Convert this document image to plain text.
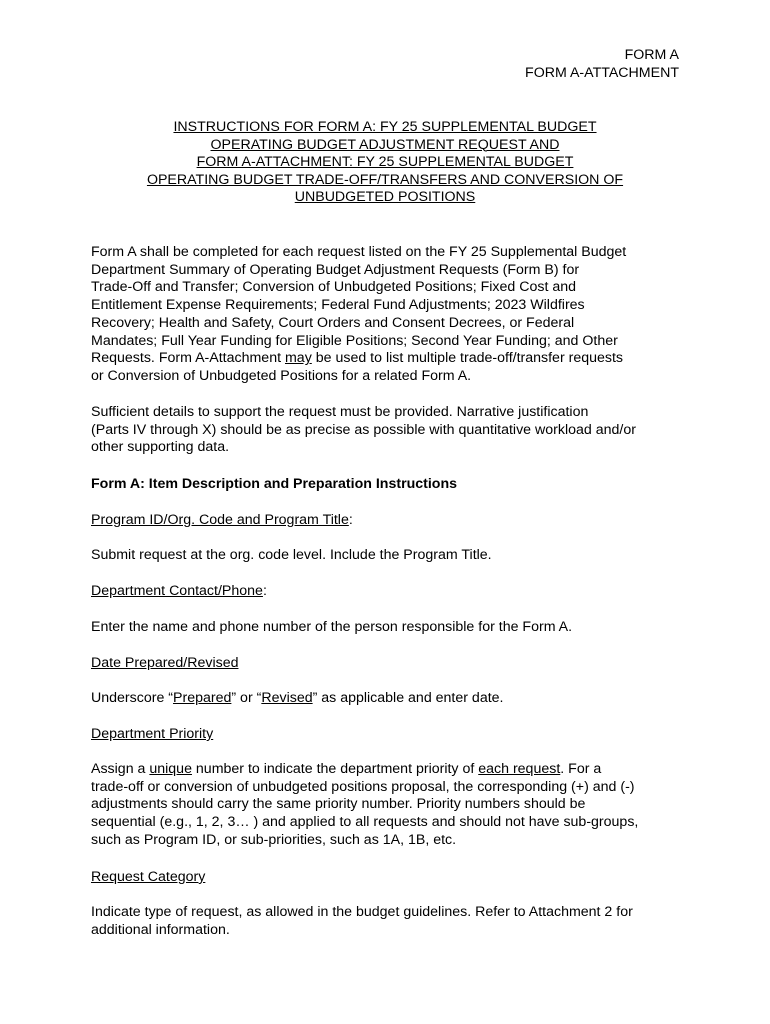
FORM A
FORM A-ATTACHMENT
INSTRUCTIONS FOR FORM A: FY 25 SUPPLEMENTAL BUDGET
OPERATING BUDGET ADJUSTMENT REQUEST AND
FORM A-ATTACHMENT: FY 25 SUPPLEMENTAL BUDGET
OPERATING BUDGET TRADE-OFF/TRANSFERS AND CONVERSION OF
UNBUDGETED POSITIONS
Form A shall be completed for each request listed on the FY 25 Supplemental Budget
Department Summary of Operating Budget Adjustment Requests (Form B) for
Trade-Off and Transfer; Conversion of Unbudgeted Positions; Fixed Cost and
Entitlement Expense Requirements; Federal Fund Adjustments; 2023 Wildfires
Recovery; Health and Safety, Court Orders and Consent Decrees, or Federal
Mandates; Full Year Funding for Eligible Positions; Second Year Funding; and Other
Requests. Form A-Attachment may be used to list multiple trade-off/transfer requests
or Conversion of Unbudgeted Positions for a related Form A.
Sufficient details to support the request must be provided. Narrative justification
(Parts IV through X) should be as precise as possible with quantitative workload and/or
other supporting data.
Form A: Item Description and Preparation Instructions
Program ID/Org. Code and Program Title:
Submit request at the org. code level. Include the Program Title.
Department Contact/Phone:
Enter the name and phone number of the person responsible for the Form A.
Date Prepared/Revised
Underscore “Prepared” or “Revised” as applicable and enter date.
Department Priority
Assign a unique number to indicate the department priority of each request. For a
trade-off or conversion of unbudgeted positions proposal, the corresponding (+) and (-)
adjustments should carry the same priority number. Priority numbers should be
sequential (e.g., 1, 2, 3… ) and applied to all requests and should not have sub-groups,
such as Program ID, or sub-priorities, such as 1A, 1B, etc.
Request Category
Indicate type of request, as allowed in the budget guidelines. Refer to Attachment 2 for
additional information.
